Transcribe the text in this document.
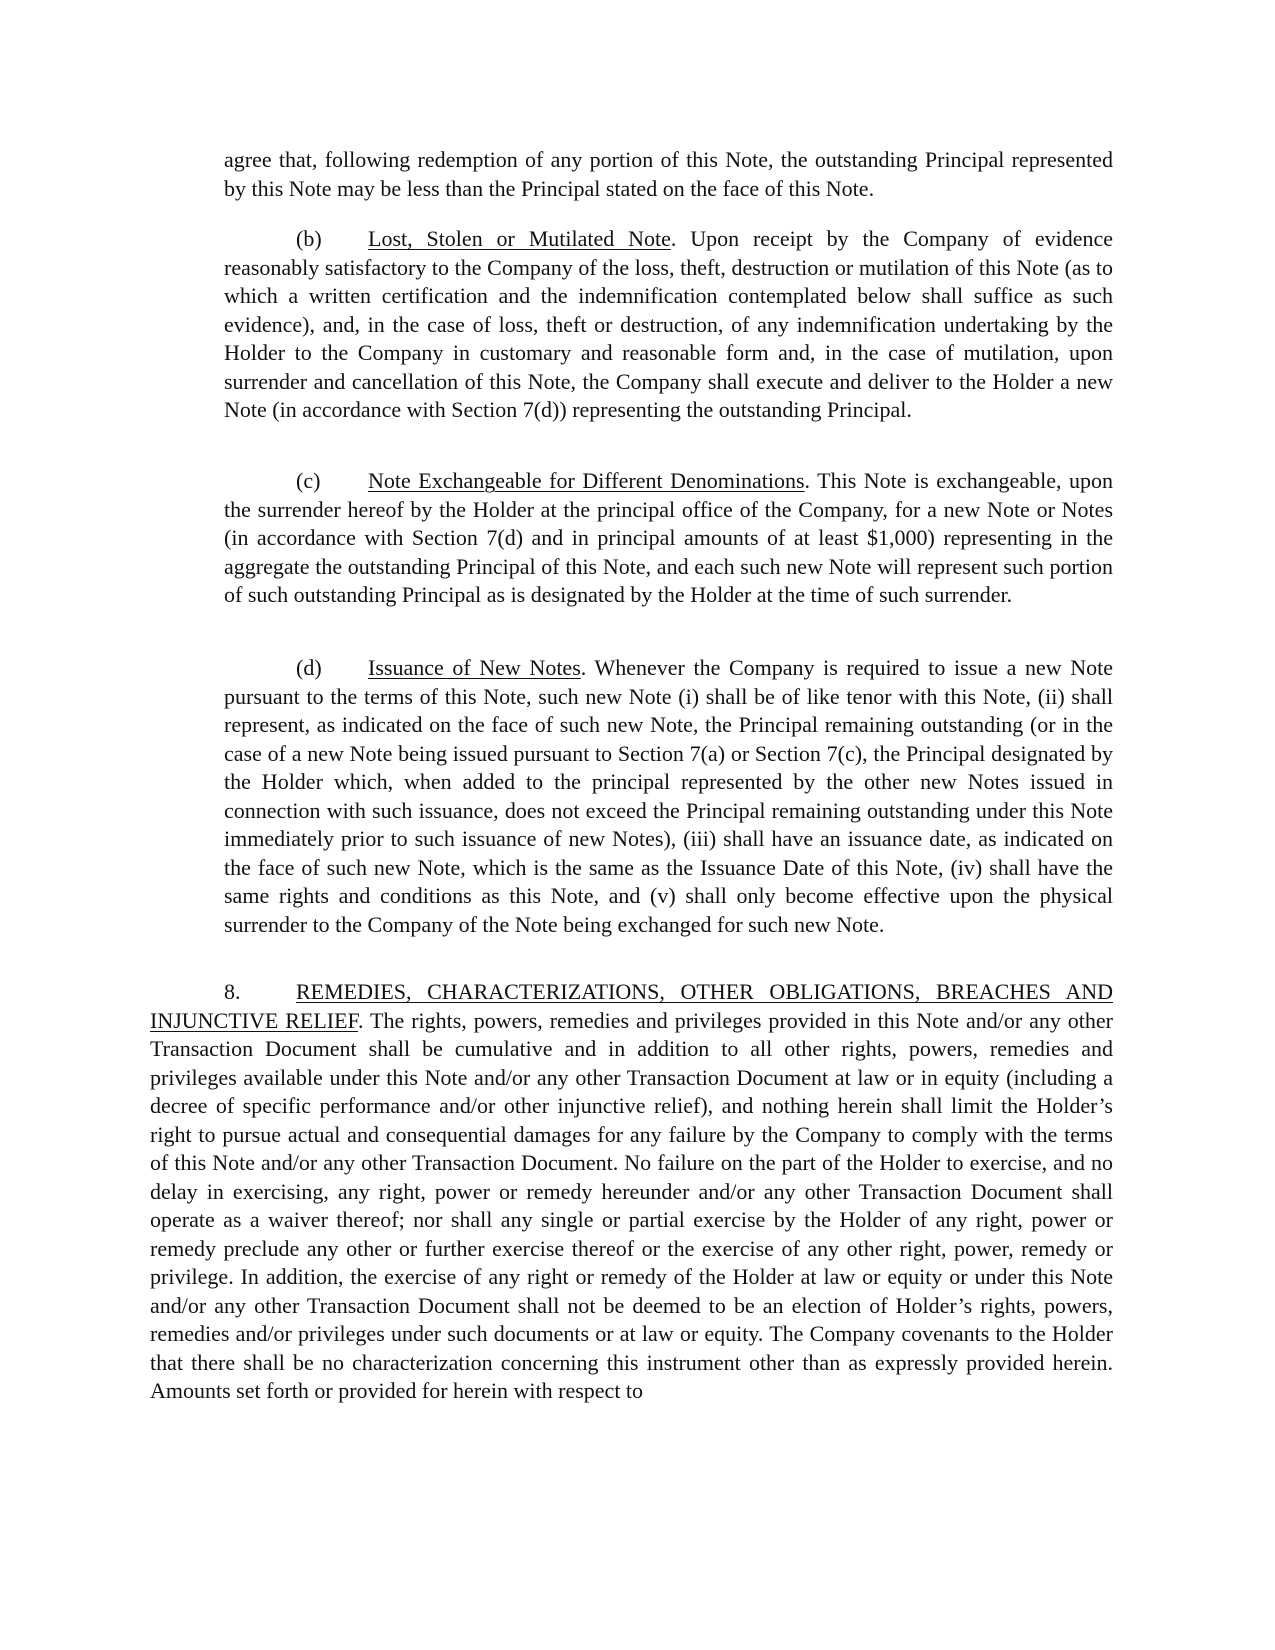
agree that, following redemption of any portion of this Note, the outstanding Principal represented by this Note may be less than the Principal stated on the face of this Note.

(b) Lost, Stolen or Mutilated Note. Upon receipt by the Company of evidence reasonably satisfactory to the Company of the loss, theft, destruction or mutilation of this Note (as to which a written certification and the indemnification contemplated below shall suffice as such evidence), and, in the case of loss, theft or destruction, of any indemnification undertaking by the Holder to the Company in customary and reasonable form and, in the case of mutilation, upon surrender and cancellation of this Note, the Company shall execute and deliver to the Holder a new Note (in accordance with Section 7(d)) representing the outstanding Principal.

(c) Note Exchangeable for Different Denominations. This Note is exchangeable, upon the surrender hereof by the Holder at the principal office of the Company, for a new Note or Notes (in accordance with Section 7(d) and in principal amounts of at least $1,000) representing in the aggregate the outstanding Principal of this Note, and each such new Note will represent such portion of such outstanding Principal as is designated by the Holder at the time of such surrender.

(d) Issuance of New Notes. Whenever the Company is required to issue a new Note pursuant to the terms of this Note, such new Note (i) shall be of like tenor with this Note, (ii) shall represent, as indicated on the face of such new Note, the Principal remaining outstanding (or in the case of a new Note being issued pursuant to Section 7(a) or Section 7(c), the Principal designated by the Holder which, when added to the principal represented by the other new Notes issued in connection with such issuance, does not exceed the Principal remaining outstanding under this Note immediately prior to such issuance of new Notes), (iii) shall have an issuance date, as indicated on the face of such new Note, which is the same as the Issuance Date of this Note, (iv) shall have the same rights and conditions as this Note, and (v) shall only become effective upon the physical surrender to the Company of the Note being exchanged for such new Note.

8.	REMEDIES, CHARACTERIZATIONS, OTHER OBLIGATIONS, BREACHES AND INJUNCTIVE RELIEF. The rights, powers, remedies and privileges provided in this Note and/or any other Transaction Document shall be cumulative and in addition to all other rights, powers, remedies and privileges available under this Note and/or any other Transaction Document at law or in equity (including a decree of specific performance and/or other injunctive relief), and nothing herein shall limit the Holder’s right to pursue actual and consequential damages for any failure by the Company to comply with the terms of this Note and/or any other Transaction Document. No failure on the part of the Holder to exercise, and no delay in exercising, any right, power or remedy hereunder and/or any other Transaction Document shall operate as a waiver thereof; nor shall any single or partial exercise by the Holder of any right, power or remedy preclude any other or further exercise thereof or the exercise of any other right, power, remedy or privilege. In addition, the exercise of any right or remedy of the Holder at law or equity or under this Note and/or any other Transaction Document shall not be deemed to be an election of Holder’s rights, powers, remedies and/or privileges under such documents or at law or equity. The Company covenants to the Holder that there shall be no characterization concerning this instrument other than as expressly provided herein. Amounts set forth or provided for herein with respect to
